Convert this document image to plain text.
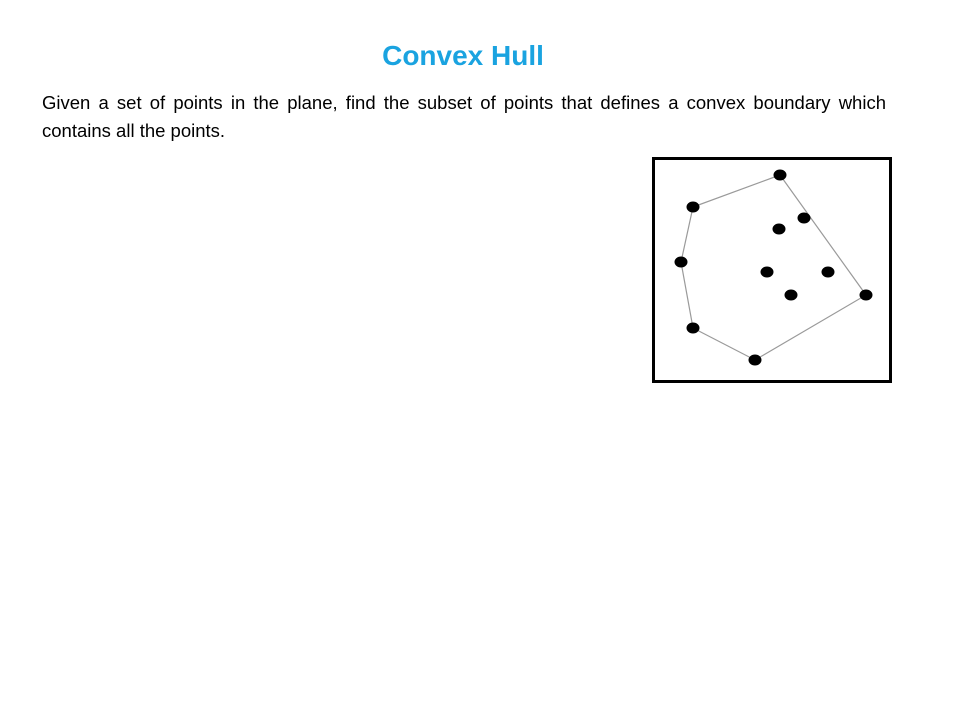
Convex Hull

Given a set of points in the plane, find the subset of points that defines a convex boundary which contains all the points.
